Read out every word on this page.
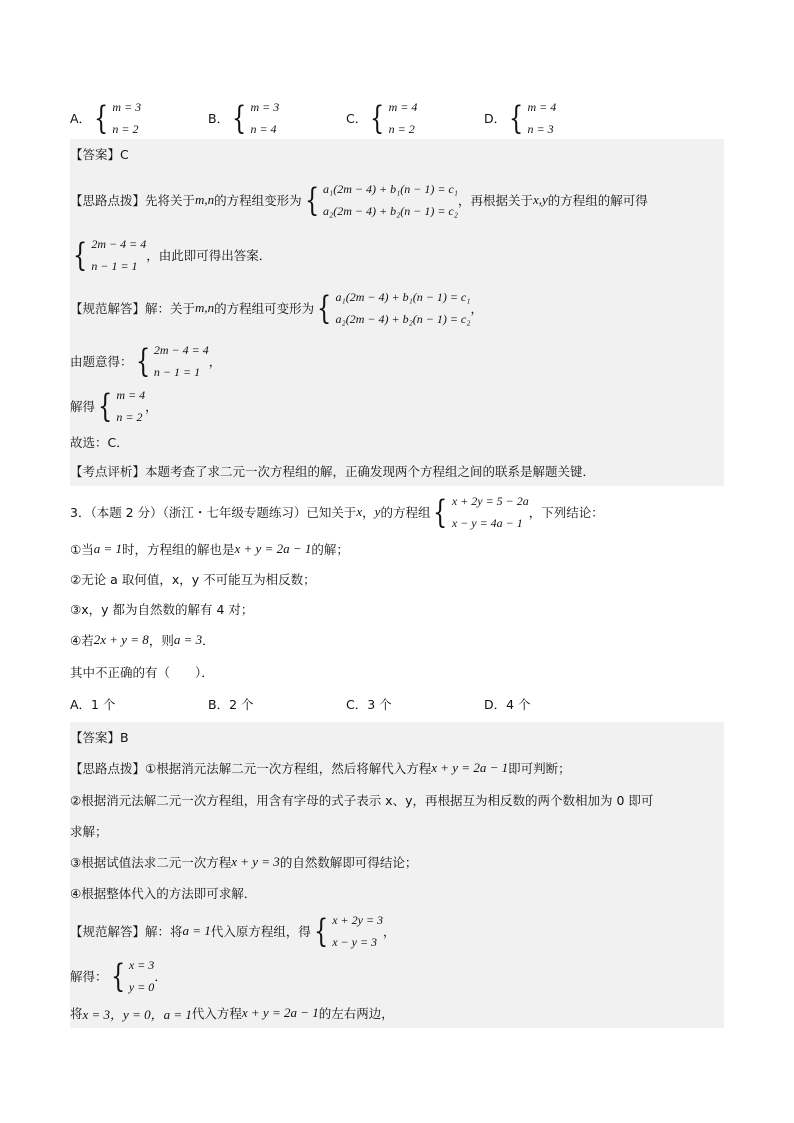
A． { m = 3
n = 2
B． { m = 3
n = 4
C． { m = 4
n = 2
D． { m = 4
n = 3
【答案】C
【思路点拨】 先将关于 m,n 的方程组变形为 { a₁(2m − 4) + b₁(n − 1) = c₁
a₂(2m − 4) + b₂(n − 1) = c₂
，再根据关于 x,y 的方程组的解可得
{ 2m − 4 = 4
n − 1 = 1
，由此即可得出答案．
【规范解答】 解：关于 m,n 的方程组可变形为 { a₁(2m − 4) + b₁(n − 1) = c₁
a₂(2m − 4) + b₂(n − 1) = c₂
，
由题意得： { 2m − 4 = 4
n − 1 = 1
，
解得 { m = 4
n = 2
，
故选：C．
【考点评析】 本题考查了求二元一次方程组的解，正确发现两个方程组之间的联系是解题关键．
3．（本题 2 分）（浙江・七年级专题练习）已知关于 x ， y 的方程组 { x + 2y = 5 − 2a
x − y = 4a − 1
，下列结论：
①当 a = 1 时，方程组的解也是 x + y = 2a − 1 的解；
②无论 a 取何值，x，y 不可能互为相反数；
③x，y 都为自然数的解有 4 对；
④若 2x + y = 8 ，则 a = 3 ．
其中不正确的有（　　）．
A．1 个	B．2 个	C．3 个	D．4 个
【答案】B
【思路点拨】 ①根据消元法解二元一次方程组，然后将解代入方程 x + y = 2a − 1 即可判断；
②根据消元法解二元一次方程组，用含有字母的式子表示 x、y，再根据互为相反数的两个数相加为 0 即可
求解；
③根据试值法求二元一次方程 x + y = 3 的自然数解即可得结论；
④根据整体代入的方法即可求解．
【规范解答】 解：将 a = 1 代入原方程组，得 { x + 2y = 3
x − y = 3
，
解得： { x = 3
y = 0
．
将 x = 3，y = 0，a = 1 代入方程 x + y = 2a − 1 的左右两边，
